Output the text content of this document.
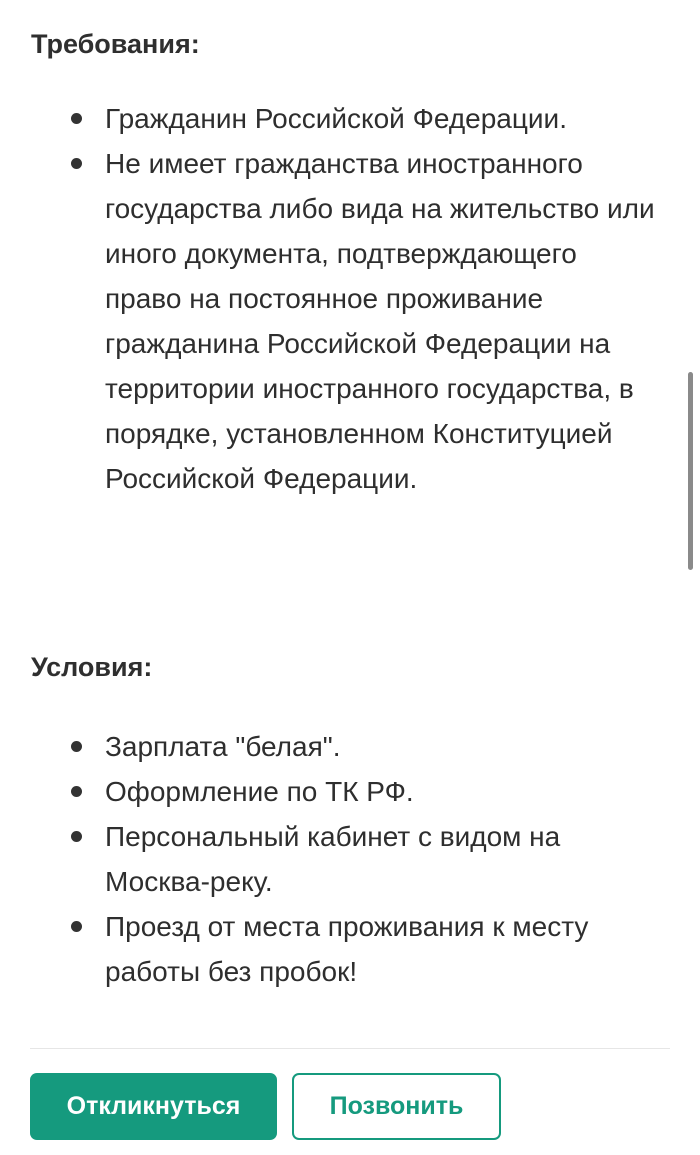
Требования:
Гражданин Российской Федерации.
Не имеет гражданства иностранного государства либо вида на жительство или иного документа, подтверждающего право на постоянное проживание гражданина Российской Федерации на территории иностранного государства, в порядке, установленном Конституцией Российской Федерации.
Условия:
Зарплата "белая".
Оформление по ТК РФ.
Персональный кабинет с видом на Москва-реку.
Проезд от места проживания к месту работы без пробок!
Откликнуться	Позвонить
